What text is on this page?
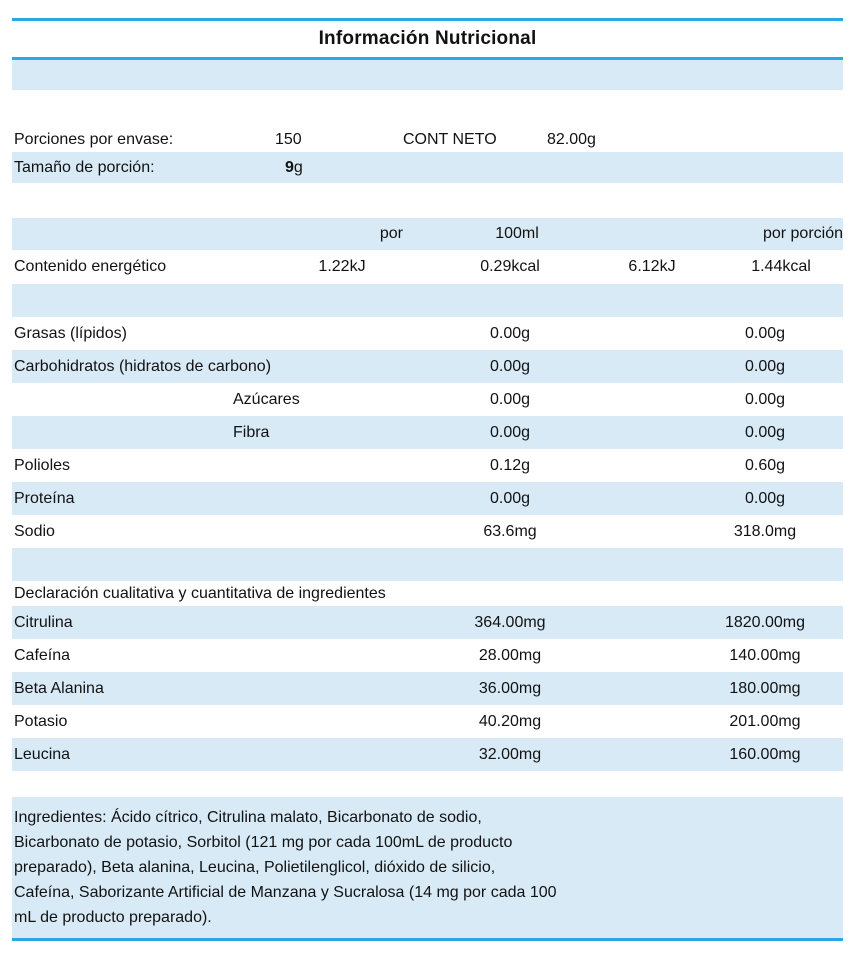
Información Nutricional
Porciones por envase:	150	CONT NETO	82.00g
Tamaño de porción:	9g
por	100ml	por porción
Contenido energético	1.22kJ	0.29kcal	6.12kJ	1.44kcal
Grasas (lípidos)	0.00g	0.00g
Carbohidratos (hidratos de carbono)	0.00g	0.00g
Azúcares	0.00g	0.00g
Fibra	0.00g	0.00g
Polioles	0.12g	0.60g
Proteína	0.00g	0.00g
Sodio	63.6mg	318.0mg
Declaración cualitativa y cuantitativa de ingredientes
Citrulina	364.00mg	1820.00mg
Cafeína	28.00mg	140.00mg
Beta Alanina	36.00mg	180.00mg
Potasio	40.20mg	201.00mg
Leucina	32.00mg	160.00mg
Ingredientes: Ácido cítrico, Citrulina malato, Bicarbonato de sodio,
Bicarbonato de potasio, Sorbitol (121 mg por cada 100mL de producto
preparado), Beta alanina, Leucina, Polietilenglicol, dióxido de silicio,
Cafeína, Saborizante Artificial de Manzana y Sucralosa (14 mg por cada 100
mL de producto preparado).
